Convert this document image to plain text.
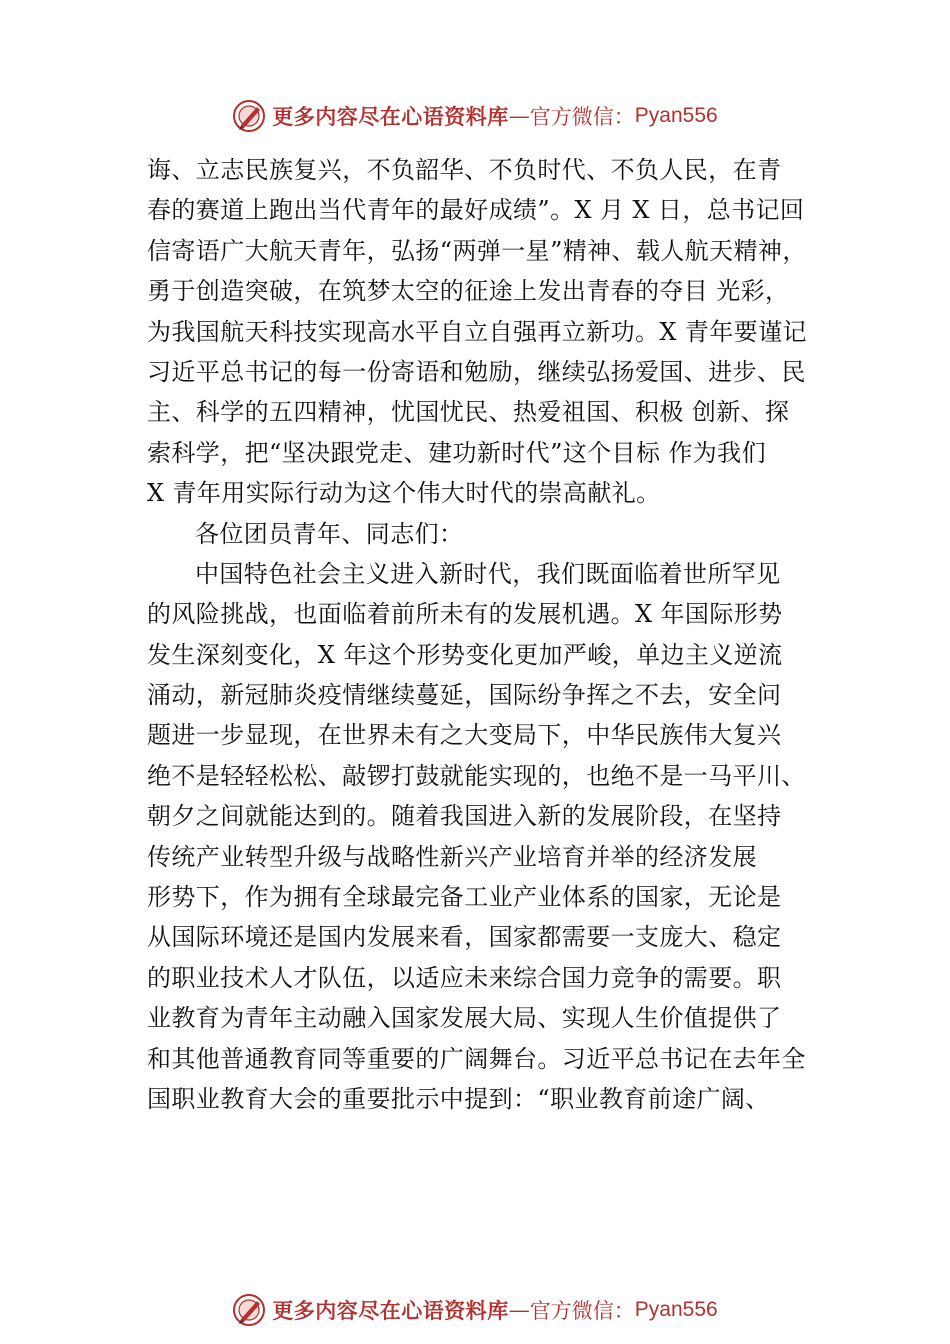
更多内容尽在心语资料库 — 官方微信： Pyan556
诲、立志民族复兴，不负韶华、不负时代、不负人民，在青
春的赛道上跑出当代青年的最好成绩”。X 月 X 日，总书记回
信寄语广大航天青年，弘扬“两弹一星”精神、载人航天精神，
勇于创造突破，在筑梦太空的征途上发出青春的夺目 光彩，
为我国航天科技实现高水平自立自强再立新功。X 青年要谨记
习近平总书记的每一份寄语和勉励，继续弘扬爱国、进步、民
主、科学的五四精神，忧国忧民、热爱祖国、积极 创新、探
索科学，把“坚决跟党走、建功新时代”这个目标 作为我们
X 青年用实际行动为这个伟大时代的崇高献礼。
各位团员青年、同志们：
中国特色社会主义进入新时代，我们既面临着世所罕见
的风险挑战，也面临着前所未有的发展机遇。X 年国际形势
发生深刻变化，X 年这个形势变化更加严峻，单边主义逆流
涌动，新冠肺炎疫情继续蔓延，国际纷争挥之不去，安全问
题进一步显现，在世界未有之大变局下，中华民族伟大复兴
绝不是轻轻松松、敲锣打鼓就能实现的，也绝不是一马平川、
朝夕之间就能达到的。随着我国进入新的发展阶段，在坚持
传统产业转型升级与战略性新兴产业培育并举的经济发展
形势下，作为拥有全球最完备工业产业体系的国家，无论是
从国际环境还是国内发展来看，国家都需要一支庞大、稳定
的职业技术人才队伍，以适应未来综合国力竞争的需要。职
业教育为青年主动融入国家发展大局、实现人生价值提供了
和其他普通教育同等重要的广阔舞台。习近平总书记在去年全
国职业教育大会的重要批示中提到：“职业教育前途广阔、
更多内容尽在心语资料库 — 官方微信： Pyan556
